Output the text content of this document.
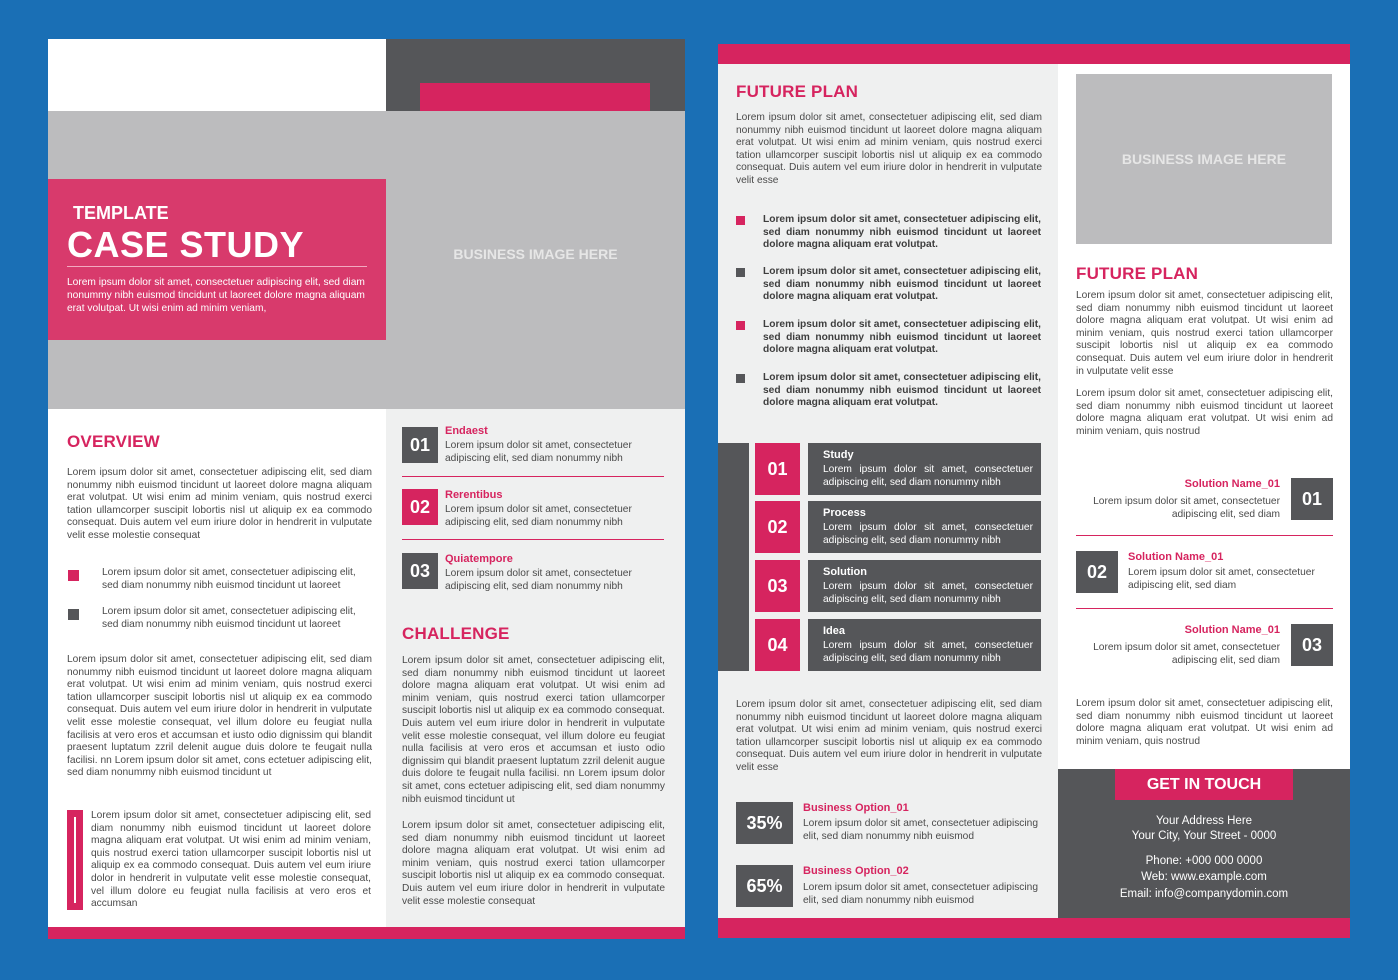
BUSINESS IMAGE HERE
TEMPLATE
CASE STUDY
Lorem ipsum dolor sit amet, consectetuer adipiscing elit, sed diam nonummy nibh euismod tincidunt ut laoreet dolore magna aliquam erat volutpat. Ut wisi enim ad minim veniam,
OVERVIEW
Lorem ipsum dolor sit amet, consectetuer adipiscing elit, sed diam nonummy nibh euismod tincidunt ut laoreet dolore magna aliquam erat volutpat. Ut wisi enim ad minim veniam, quis nostrud exerci tation ullamcorper suscipit lobortis nisl ut aliquip ex ea commodo consequat. Duis autem vel eum iriure dolor in hendrerit in vulputate velit esse molestie consequat
Lorem ipsum dolor sit amet, consectetuer adipiscing elit, sed diam nonummy nibh euismod tincidunt ut laoreet
Lorem ipsum dolor sit amet, consectetuer adipiscing elit, sed diam nonummy nibh euismod tincidunt ut laoreet
Lorem ipsum dolor sit amet, consectetuer adipiscing elit, sed diam nonummy nibh euismod tincidunt ut laoreet dolore magna aliquam erat volutpat. Ut wisi enim ad minim veniam, quis nostrud exerci tation ullamcorper suscipit lobortis nisl ut aliquip ex ea commodo consequat. Duis autem vel eum iriure dolor in hendrerit in vulputate velit esse molestie consequat, vel illum dolore eu feugiat nulla facilisis at vero eros et accumsan et iusto odio dignissim qui blandit praesent luptatum zzril delenit augue duis dolore te feugait nulla facilisi. nn Lorem ipsum dolor sit amet, cons ectetuer adipiscing elit, sed diam nonummy nibh euismod tincidunt ut
Lorem ipsum dolor sit amet, consectetuer adipiscing elit, sed diam nonummy nibh euismod tincidunt ut laoreet dolore magna aliquam erat volutpat. Ut wisi enim ad minim veniam, quis nostrud exerci tation ullamcorper suscipit lobortis nisl ut aliquip ex ea commodo consequat. Duis autem vel eum iriure dolor in hendrerit in vulputate velit esse molestie consequat, vel illum dolore eu feugiat nulla facilisis at vero eros et accumsan
01
Endaest
Lorem ipsum dolor sit amet, consectetuer adipiscing elit, sed diam nonummy nibh
02
Rerentibus
Lorem ipsum dolor sit amet, consectetuer adipiscing elit, sed diam nonummy nibh
03
Quiatempore
Lorem ipsum dolor sit amet, consectetuer adipiscing elit, sed diam nonummy nibh
CHALLENGE
Lorem ipsum dolor sit amet, consectetuer adipiscing elit, sed diam nonummy nibh euismod tincidunt ut laoreet dolore magna aliquam erat volutpat. Ut wisi enim ad minim veniam, quis nostrud exerci tation ullamcorper suscipit lobortis nisl ut aliquip ex ea commodo consequat. Duis autem vel eum iriure dolor in hendrerit in vulputate velit esse molestie consequat, vel illum dolore eu feugiat nulla facilisis at vero eros et accumsan et iusto odio dignissim qui blandit praesent luptatum zzril delenit augue duis dolore te feugait nulla facilisi. nn Lorem ipsum dolor sit amet, cons ectetuer adipiscing elit, sed diam nonummy nibh euismod tincidunt ut
Lorem ipsum dolor sit amet, consectetuer adipiscing elit, sed diam nonummy nibh euismod tincidunt ut laoreet dolore magna aliquam erat volutpat. Ut wisi enim ad minim veniam, quis nostrud exerci tation ullamcorper suscipit lobortis nisl ut aliquip ex ea commodo consequat. Duis autem vel eum iriure dolor in hendrerit in vulputate velit esse molestie consequat
FUTURE PLAN
Lorem ipsum dolor sit amet, consectetuer adipiscing elit, sed diam nonummy nibh euismod tincidunt ut laoreet dolore magna aliquam erat volutpat. Ut wisi enim ad minim veniam, quis nostrud exerci tation ullamcorper suscipit lobortis nisl ut aliquip ex ea commodo consequat. Duis autem vel eum iriure dolor in hendrerit in vulputate velit esse
Lorem ipsum dolor sit amet, consectetuer adipiscing elit, sed diam nonummy nibh euismod tincidunt ut laoreet dolore magna aliquam erat volutpat.
Lorem ipsum dolor sit amet, consectetuer adipiscing elit, sed diam nonummy nibh euismod tincidunt ut laoreet dolore magna aliquam erat volutpat.
Lorem ipsum dolor sit amet, consectetuer adipiscing elit, sed diam nonummy nibh euismod tincidunt ut laoreet dolore magna aliquam erat volutpat.
Lorem ipsum dolor sit amet, consectetuer adipiscing elit, sed diam nonummy nibh euismod tincidunt ut laoreet dolore magna aliquam erat volutpat.
01
Study
Lorem ipsum dolor sit amet, consectetuer adipiscing elit, sed diam nonummy nibh
02
Process
Lorem ipsum dolor sit amet, consectetuer adipiscing elit, sed diam nonummy nibh
03
Solution
Lorem ipsum dolor sit amet, consectetuer adipiscing elit, sed diam nonummy nibh
04
Idea
Lorem ipsum dolor sit amet, consectetuer adipiscing elit, sed diam nonummy nibh
Lorem ipsum dolor sit amet, consectetuer adipiscing elit, sed diam nonummy nibh euismod tincidunt ut laoreet dolore magna aliquam erat volutpat. Ut wisi enim ad minim veniam, quis nostrud exerci tation ullamcorper suscipit lobortis nisl ut aliquip ex ea commodo consequat. Duis autem vel eum iriure dolor in hendrerit in vulputate velit esse
35%
Business Option_01
Lorem ipsum dolor sit amet, consectetuer adipiscing elit, sed diam nonummy nibh euismod
65%
Business Option_02
Lorem ipsum dolor sit amet, consectetuer adipiscing elit, sed diam nonummy nibh euismod
BUSINESS IMAGE HERE
FUTURE PLAN
Lorem ipsum dolor sit amet, consectetuer adipiscing elit, sed diam nonummy nibh euismod tincidunt ut laoreet dolore magna aliquam erat volutpat. Ut wisi enim ad minim veniam, quis nostrud exerci tation ullamcorper suscipit lobortis nisl ut aliquip ex ea commodo consequat. Duis autem vel eum iriure dolor in hendrerit in vulputate velit esse
Lorem ipsum dolor sit amet, consectetuer adipiscing elit, sed diam nonummy nibh euismod tincidunt ut laoreet dolore magna aliquam erat volutpat. Ut wisi enim ad minim veniam, quis nostrud
Solution Name_01
Lorem ipsum dolor sit amet, consectetuer adipiscing elit, sed diam
01
02
Solution Name_01
Lorem ipsum dolor sit amet, consectetuer adipiscing elit, sed diam
Solution Name_01
Lorem ipsum dolor sit amet, consectetuer adipiscing elit, sed diam
03
Lorem ipsum dolor sit amet, consectetuer adipiscing elit, sed diam nonummy nibh euismod tincidunt ut laoreet dolore magna aliquam erat volutpat. Ut wisi enim ad minim veniam, quis nostrud
GET IN TOUCH
Your Address Here
Your City, Your Street - 0000
Phone: +000 000 0000
Web: www.example.com
Email: info@companydomin.com
